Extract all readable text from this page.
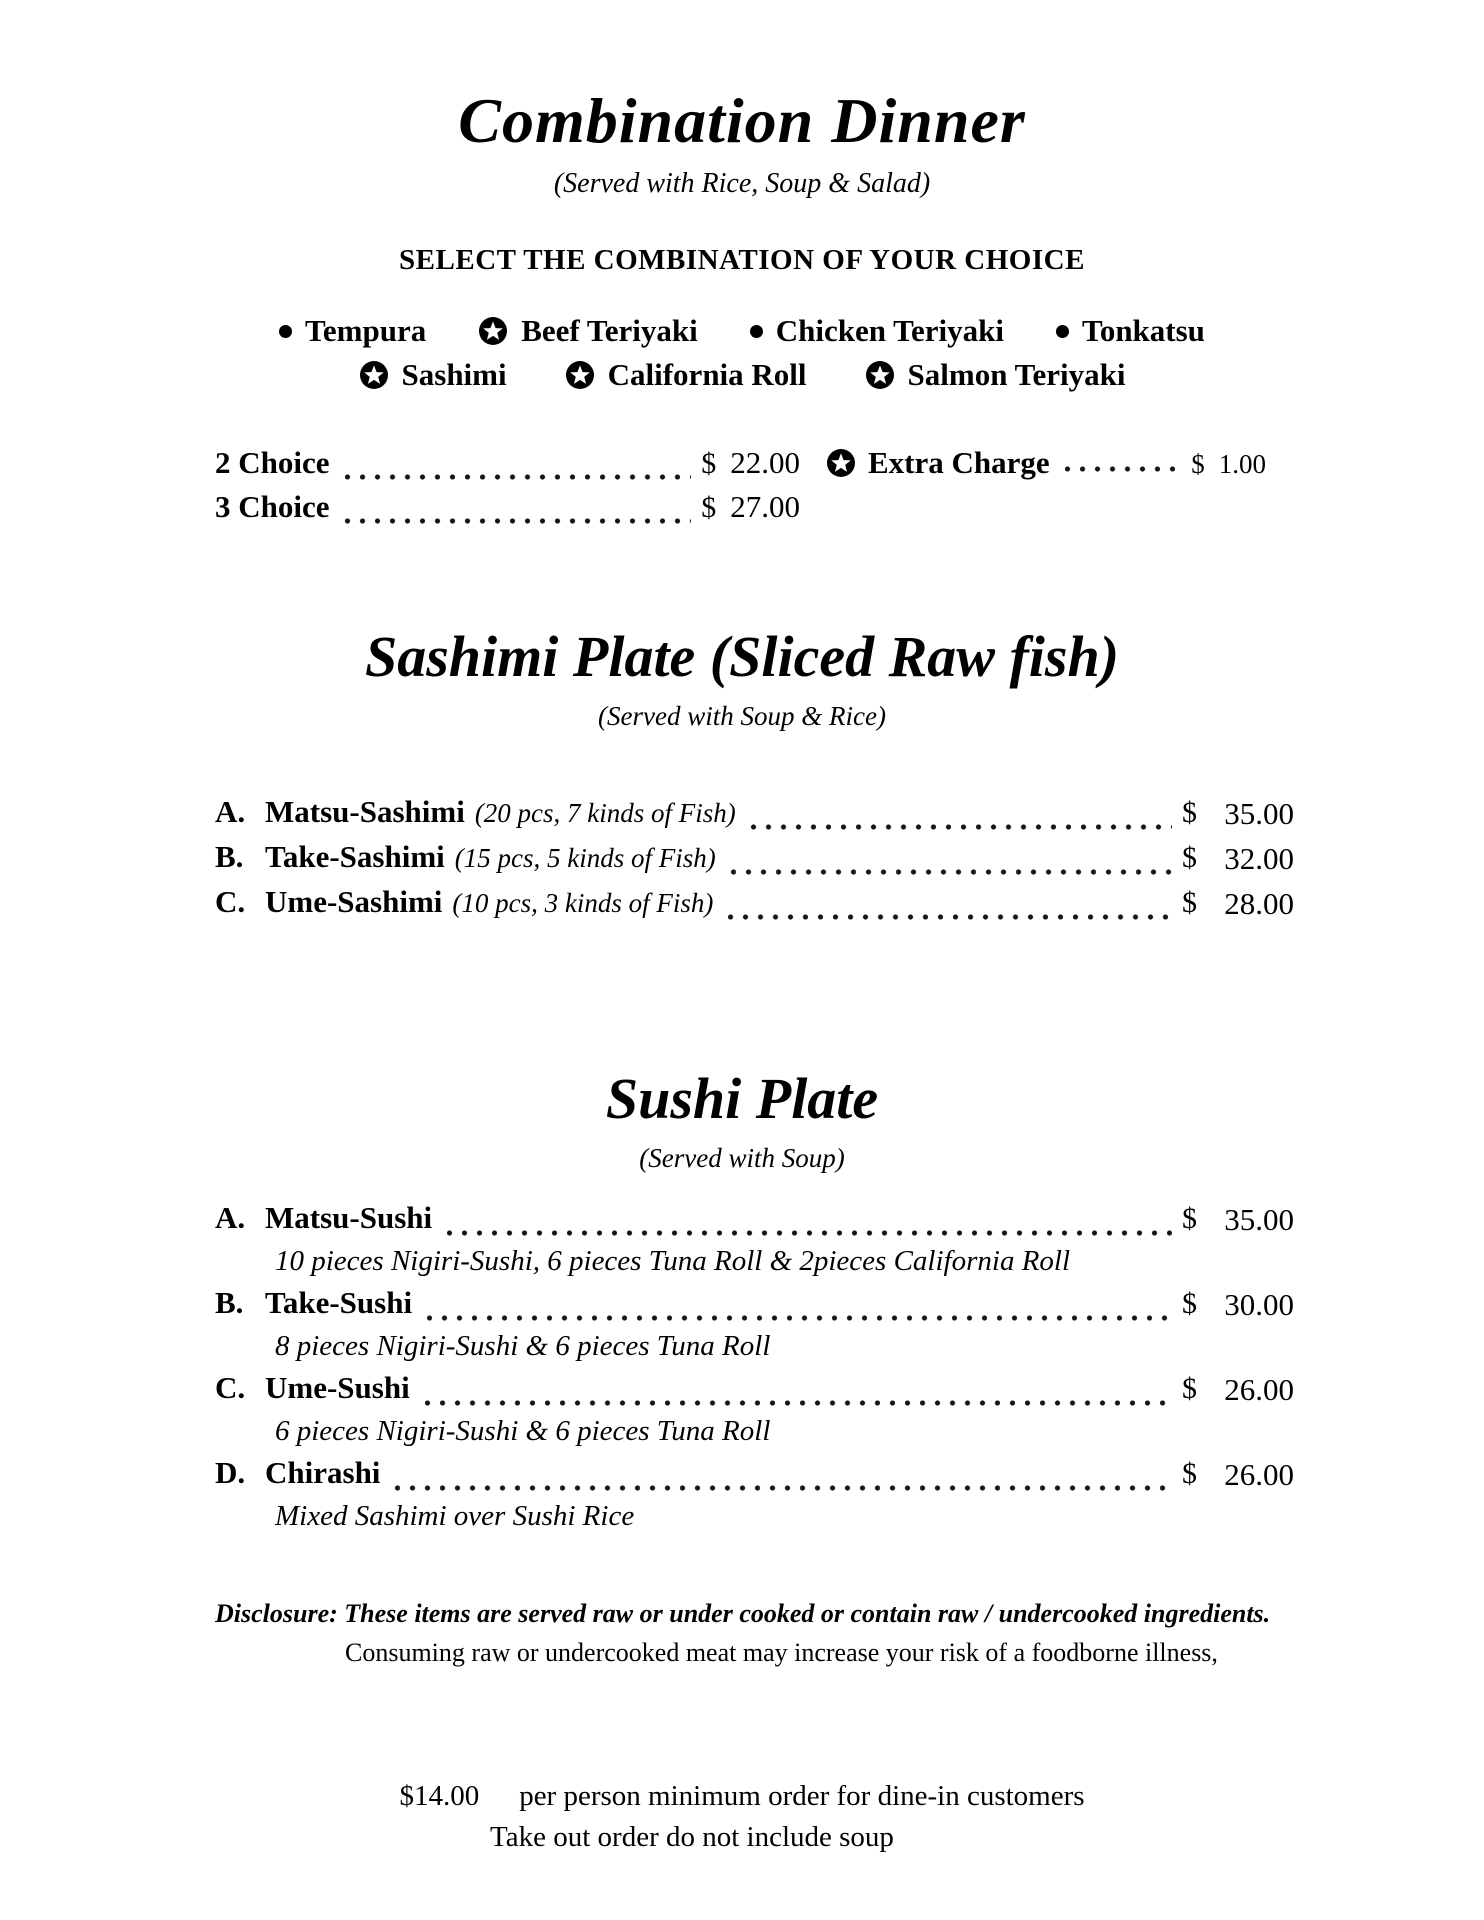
Combination Dinner
(Served with Rice, Soup & Salad)
SELECT THE COMBINATION OF YOUR CHOICE
Tempura	Beef Teriyaki	Chicken Teriyaki	Tonkatsu
Sashimi	California Roll	Salmon Teriyaki
2 Choice	$ 22.00
3 Choice	$ 27.00
Extra Charge	$ 1.00
Sashimi Plate (Sliced Raw fish)
(Served with Soup & Rice)
A. Matsu-Sashimi (20 pcs, 7 kinds of Fish)	$ 35.00
B. Take-Sashimi (15 pcs, 5 kinds of Fish)	$ 32.00
C. Ume-Sashimi (10 pcs, 3 kinds of Fish)	$ 28.00
Sushi Plate
(Served with Soup)
A. Matsu-Sushi	$ 35.00
10 pieces Nigiri-Sushi, 6 pieces Tuna Roll & 2pieces California Roll
B. Take-Sushi	$ 30.00
8 pieces Nigiri-Sushi & 6 pieces Tuna Roll
C. Ume-Sushi	$ 26.00
6 pieces Nigiri-Sushi & 6 pieces Tuna Roll
D. Chirashi	$ 26.00
Mixed Sashimi over Sushi Rice
Disclosure: These items are served raw or under cooked or contain raw / undercooked ingredients.
Consuming raw or undercooked meat may increase your risk of a foodborne illness,
$14.00 per person minimum order for dine-in customers
Take out order do not include soup
